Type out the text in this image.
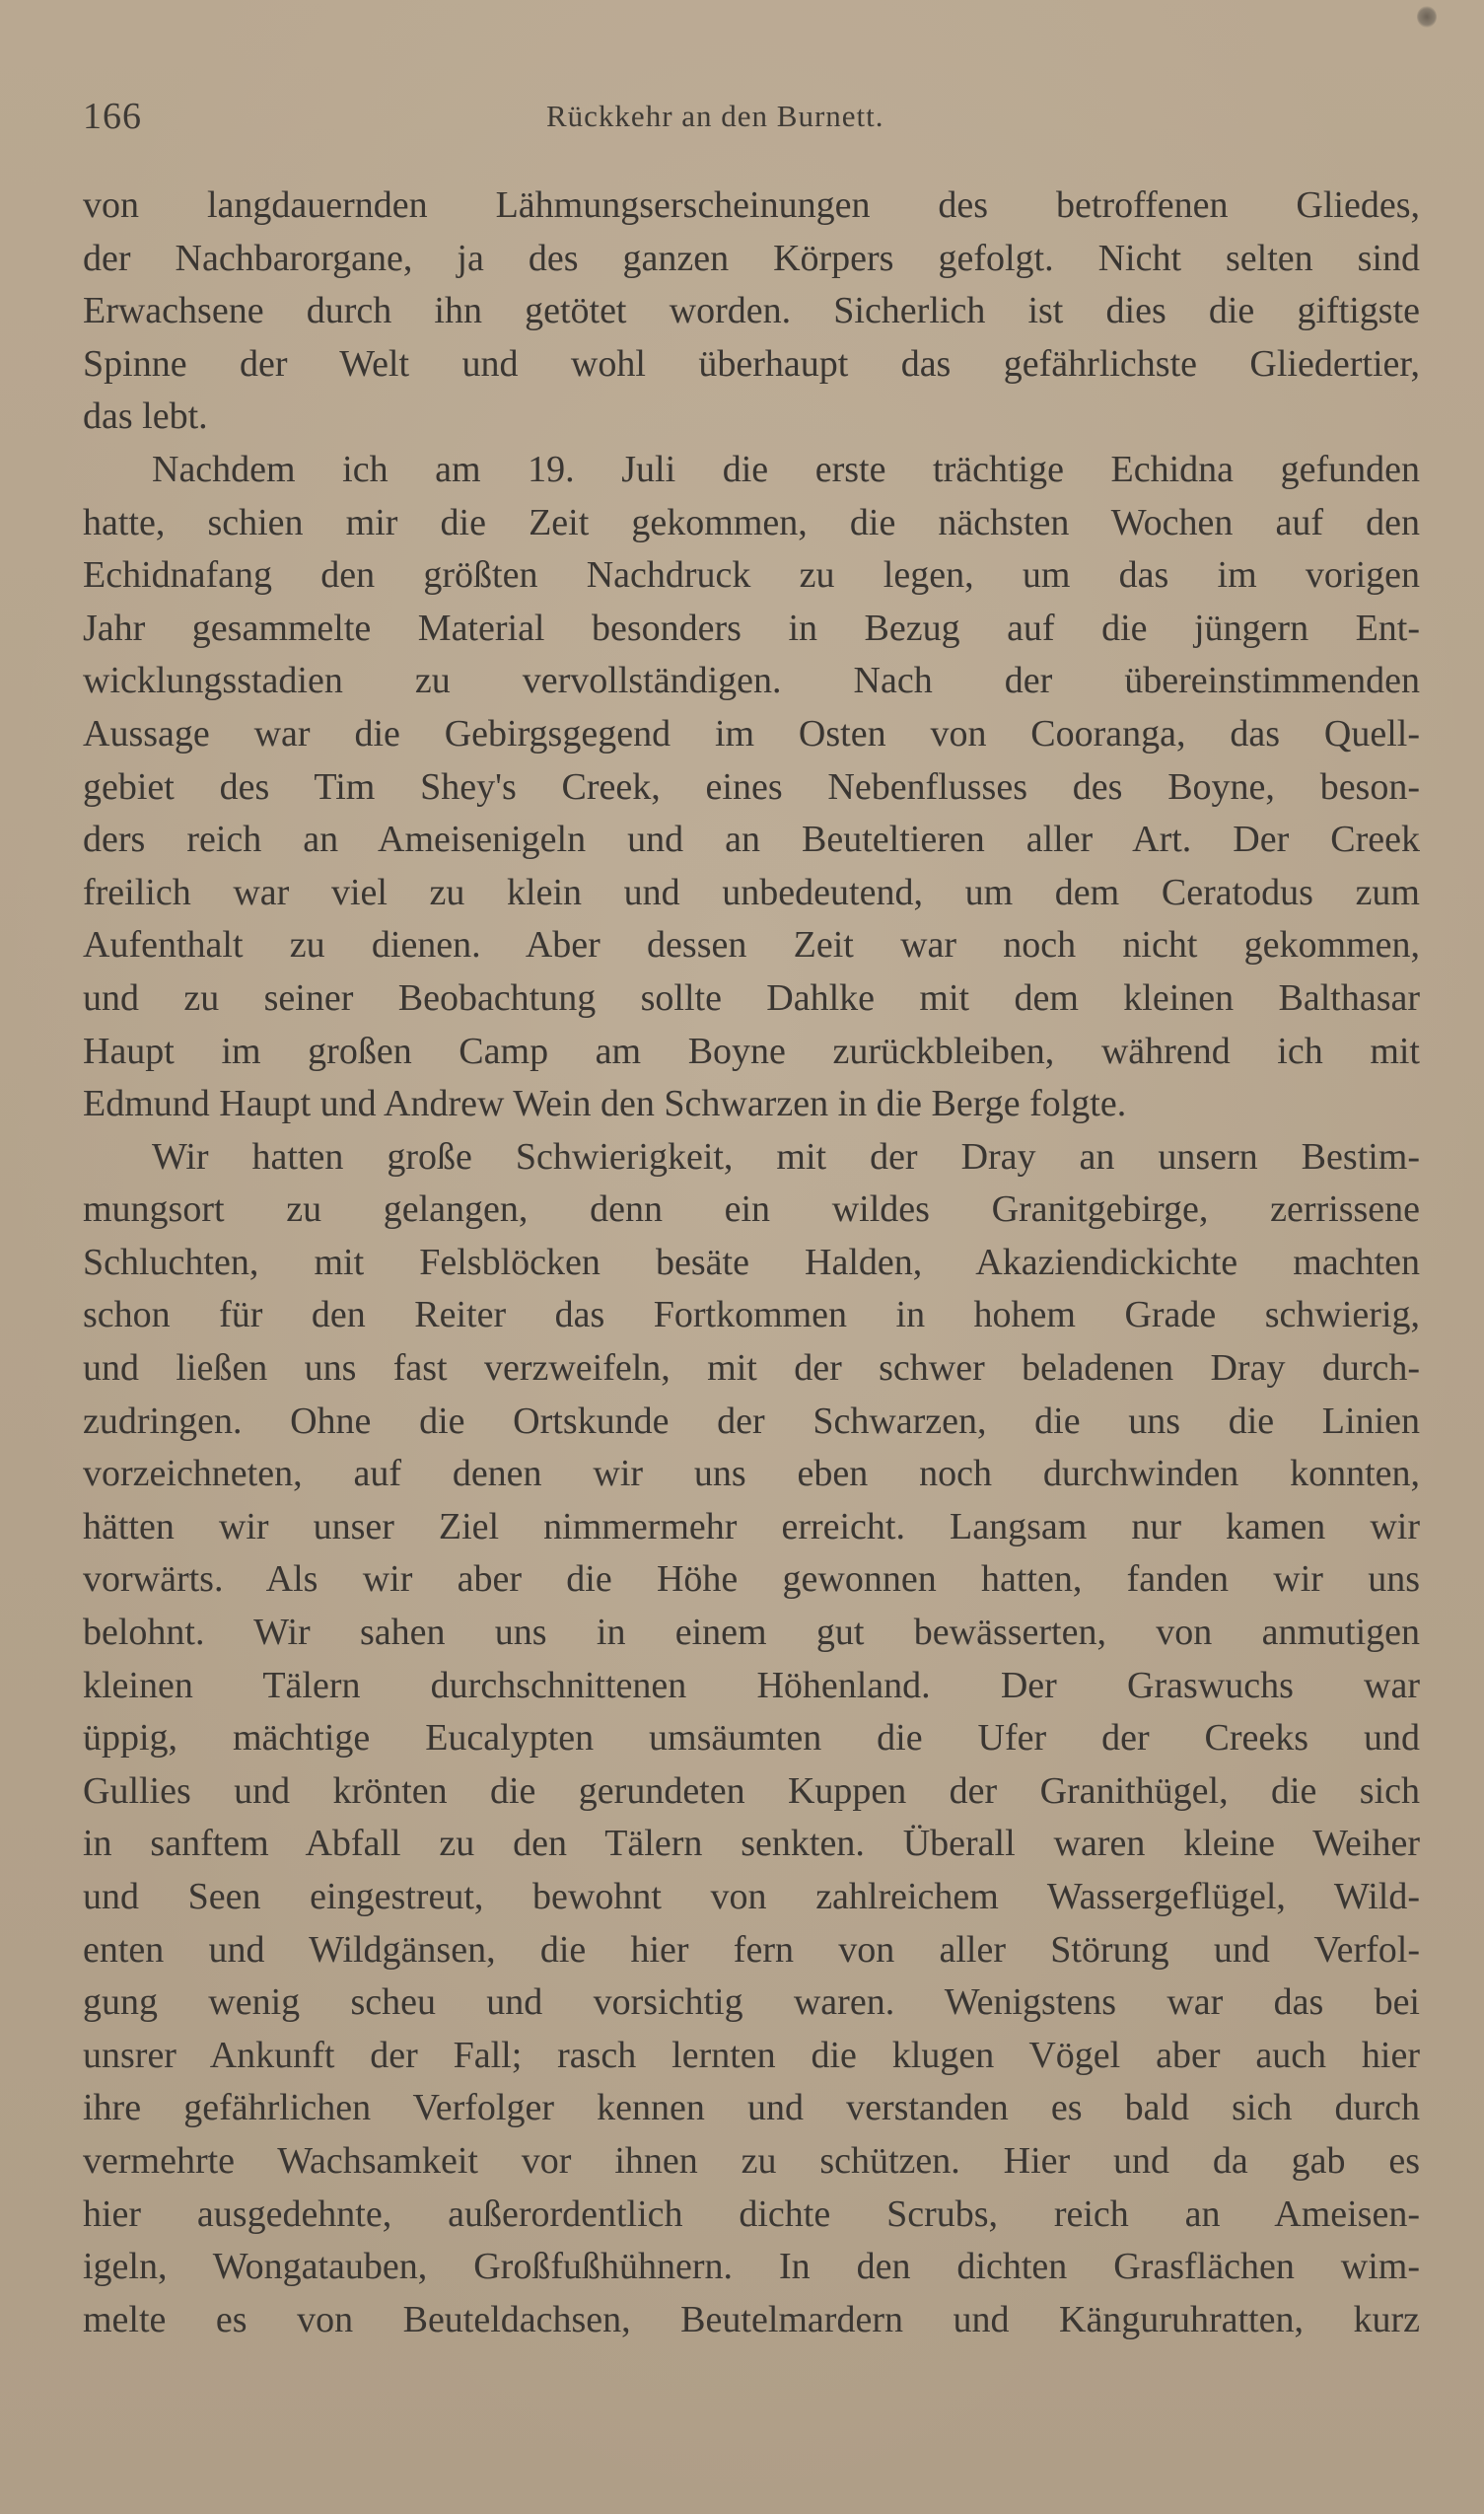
166	Rückkehr an den Burnett.
von langdauernden Lähmungserscheinungen des betroffenen Gliedes,
der Nachbarorgane, ja des ganzen Körpers gefolgt. Nicht selten sind
Erwachsene durch ihn getötet worden. Sicherlich ist dies die giftigste
Spinne der Welt und wohl überhaupt das gefährlichste Gliedertier,
das lebt.
Nachdem ich am 19. Juli die erste trächtige Echidna gefunden
hatte, schien mir die Zeit gekommen, die nächsten Wochen auf den
Echidnafang den größten Nachdruck zu legen, um das im vorigen
Jahr gesammelte Material besonders in Bezug auf die jüngern Ent-
wicklungsstadien zu vervollständigen. Nach der übereinstimmenden
Aussage war die Gebirgsgegend im Osten von Cooranga, das Quell-
gebiet des Tim Shey's Creek, eines Nebenflusses des Boyne, beson-
ders reich an Ameisenigeln und an Beuteltieren aller Art. Der Creek
freilich war viel zu klein und unbedeutend, um dem Ceratodus zum
Aufenthalt zu dienen. Aber dessen Zeit war noch nicht gekommen,
und zu seiner Beobachtung sollte Dahlke mit dem kleinen Balthasar
Haupt im großen Camp am Boyne zurückbleiben, während ich mit
Edmund Haupt und Andrew Wein den Schwarzen in die Berge folgte.
Wir hatten große Schwierigkeit, mit der Dray an unsern Bestim-
mungsort zu gelangen, denn ein wildes Granitgebirge, zerrissene
Schluchten, mit Felsblöcken besäte Halden, Akaziendickichte machten
schon für den Reiter das Fortkommen in hohem Grade schwierig,
und ließen uns fast verzweifeln, mit der schwer beladenen Dray durch-
zudringen. Ohne die Ortskunde der Schwarzen, die uns die Linien
vorzeichneten, auf denen wir uns eben noch durchwinden konnten,
hätten wir unser Ziel nimmermehr erreicht. Langsam nur kamen wir
vorwärts. Als wir aber die Höhe gewonnen hatten, fanden wir uns
belohnt. Wir sahen uns in einem gut bewässerten, von anmutigen
kleinen Tälern durchschnittenen Höhenland. Der Graswuchs war
üppig, mächtige Eucalypten umsäumten die Ufer der Creeks und
Gullies und krönten die gerundeten Kuppen der Granithügel, die sich
in sanftem Abfall zu den Tälern senkten. Überall waren kleine Weiher
und Seen eingestreut, bewohnt von zahlreichem Wassergeflügel, Wild-
enten und Wildgänsen, die hier fern von aller Störung und Verfol-
gung wenig scheu und vorsichtig waren. Wenigstens war das bei
unsrer Ankunft der Fall; rasch lernten die klugen Vögel aber auch hier
ihre gefährlichen Verfolger kennen und verstanden es bald sich durch
vermehrte Wachsamkeit vor ihnen zu schützen. Hier und da gab es
hier ausgedehnte, außerordentlich dichte Scrubs, reich an Ameisen-
igeln, Wongatauben, Großfußhühnern. In den dichten Grasflächen wim-
melte es von Beuteldachsen, Beutelmardern und Känguruhratten, kurz
